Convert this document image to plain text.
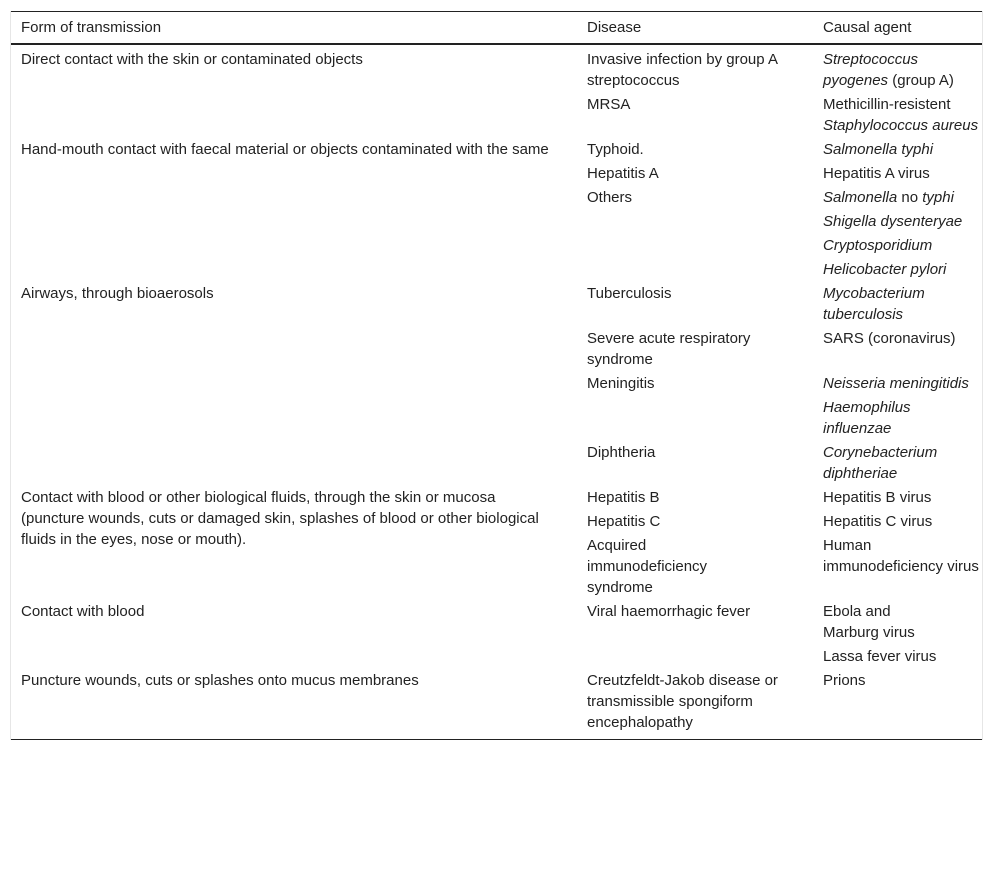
Form of transmission	Disease	Causal agent
Direct contact with the skin or contaminated objects	Invasive infection by group A streptococcus	Streptococcus pyogenes (group A)
	MRSA	Methicillin-resistent Staphylococcus aureus
Hand-mouth contact with faecal material or objects contaminated with the same	Typhoid.	Salmonella typhi
	Hepatitis A	Hepatitis A virus
	Others	Salmonella no typhi
		Shigella dysenteryae
		Cryptosporidium
		Helicobacter pylori
Airways, through bioaerosols	Tuberculosis	Mycobacterium tuberculosis
	Severe acute respiratory syndrome	SARS (coronavirus)
	Meningitis	Neisseria meningitidis
		Haemophilus influenzae
	Diphtheria	Corynebacterium diphtheriae
Contact with blood or other biological fluids, through the skin or mucosa (puncture wounds, cuts or damaged skin, splashes of blood or other biological fluids in the eyes, nose or mouth).	Hepatitis B	Hepatitis B virus
	Hepatitis C	Hepatitis C virus
	Acquired immunodeficiency syndrome	Human immunodeficiency virus
Contact with blood	Viral haemorrhagic fever	Ebola and Marburg virus
		Lassa fever virus
Puncture wounds, cuts or splashes onto mucus membranes	Creutzfeldt-Jakob disease or transmissible spongiform encephalopathy	Prions
